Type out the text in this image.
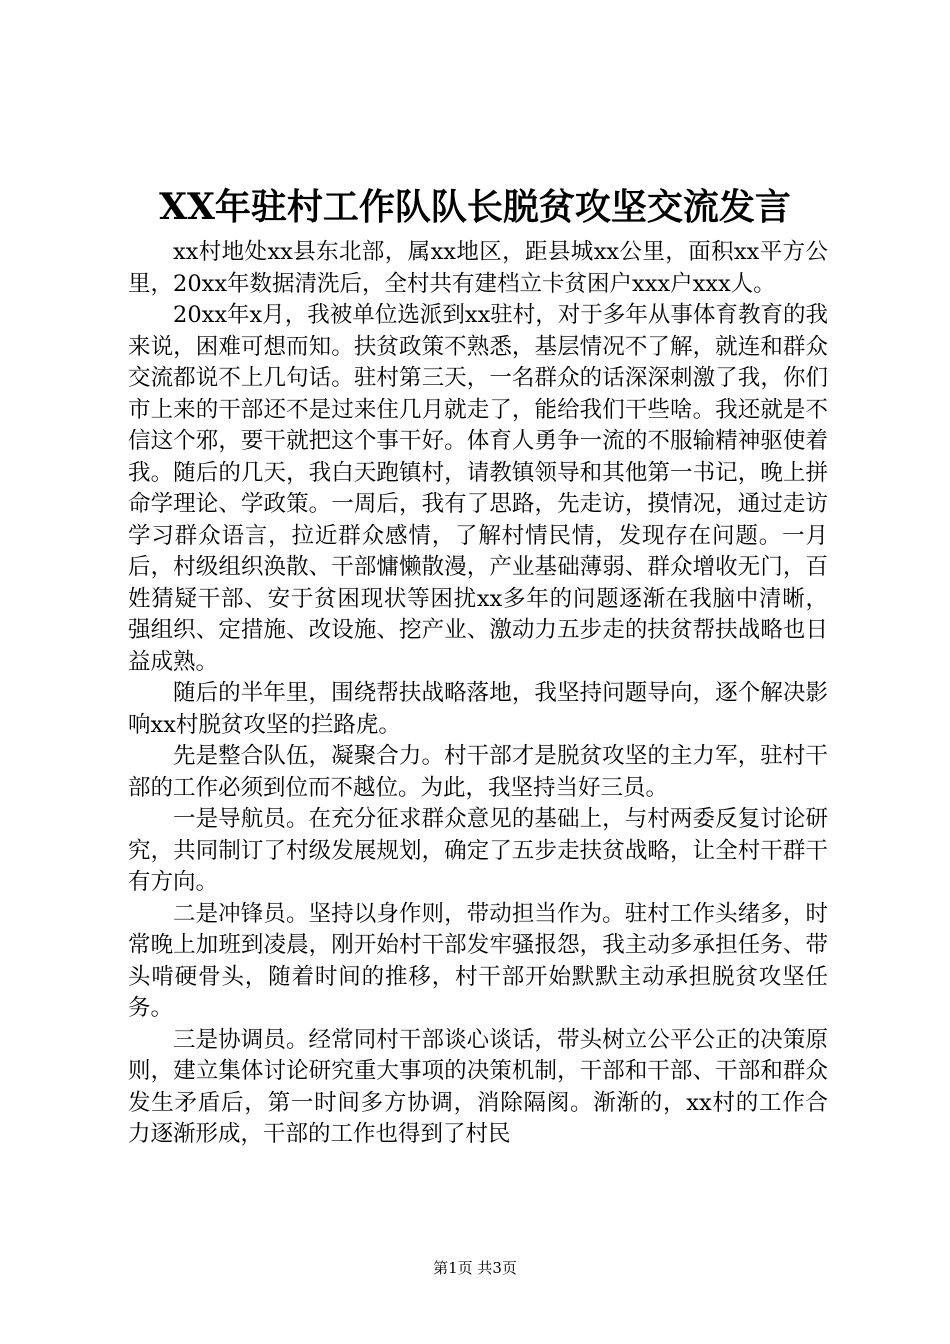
XX年驻村工作队队长脱贫攻坚交流发言

xx村地处xx县东北部，属xx地区，距县城xx公里，面积xx平方公里，20xx年数据清洗后，全村共有建档立卡贫困户xxx户xxx人。

20xx年x月，我被单位选派到xx驻村，对于多年从事体育教育的我来说，困难可想而知。扶贫政策不熟悉，基层情况不了解，就连和群众交流都说不上几句话。驻村第三天，一名群众的话深深刺激了我，你们市上来的干部还不是过来住几月就走了，能给我们干些啥。我还就是不信这个邪，要干就把这个事干好。体育人勇争一流的不服输精神驱使着我。随后的几天，我白天跑镇村，请教镇领导和其他第一书记，晚上拼命学理论、学政策。一周后，我有了思路，先走访，摸情况，通过走访学习群众语言，拉近群众感情，了解村情民情，发现存在问题。一月后，村级组织涣散、干部慵懒散漫，产业基础薄弱、群众增收无门，百姓猜疑干部、安于贫困现状等困扰xx多年的问题逐渐在我脑中清晰，强组织、定措施、改设施、挖产业、激动力五步走的扶贫帮扶战略也日益成熟。

随后的半年里，围绕帮扶战略落地，我坚持问题导向，逐个解决影响xx村脱贫攻坚的拦路虎。

先是整合队伍，凝聚合力。村干部才是脱贫攻坚的主力军，驻村干部的工作必须到位而不越位。为此，我坚持当好三员。

一是导航员。在充分征求群众意见的基础上，与村两委反复讨论研究，共同制订了村级发展规划，确定了五步走扶贫战略，让全村干群干有方向。

二是冲锋员。坚持以身作则，带动担当作为。驻村工作头绪多，时常晚上加班到凌晨，刚开始村干部发牢骚报怨，我主动多承担任务、带头啃硬骨头，随着时间的推移，村干部开始默默主动承担脱贫攻坚任务。

三是协调员。经常同村干部谈心谈话，带头树立公平公正的决策原则，建立集体讨论研究重大事项的决策机制，干部和干部、干部和群众发生矛盾后，第一时间多方协调，消除隔阂。渐渐的，xx村的工作合力逐渐形成，干部的工作也得到了村民

第1页 共3页
